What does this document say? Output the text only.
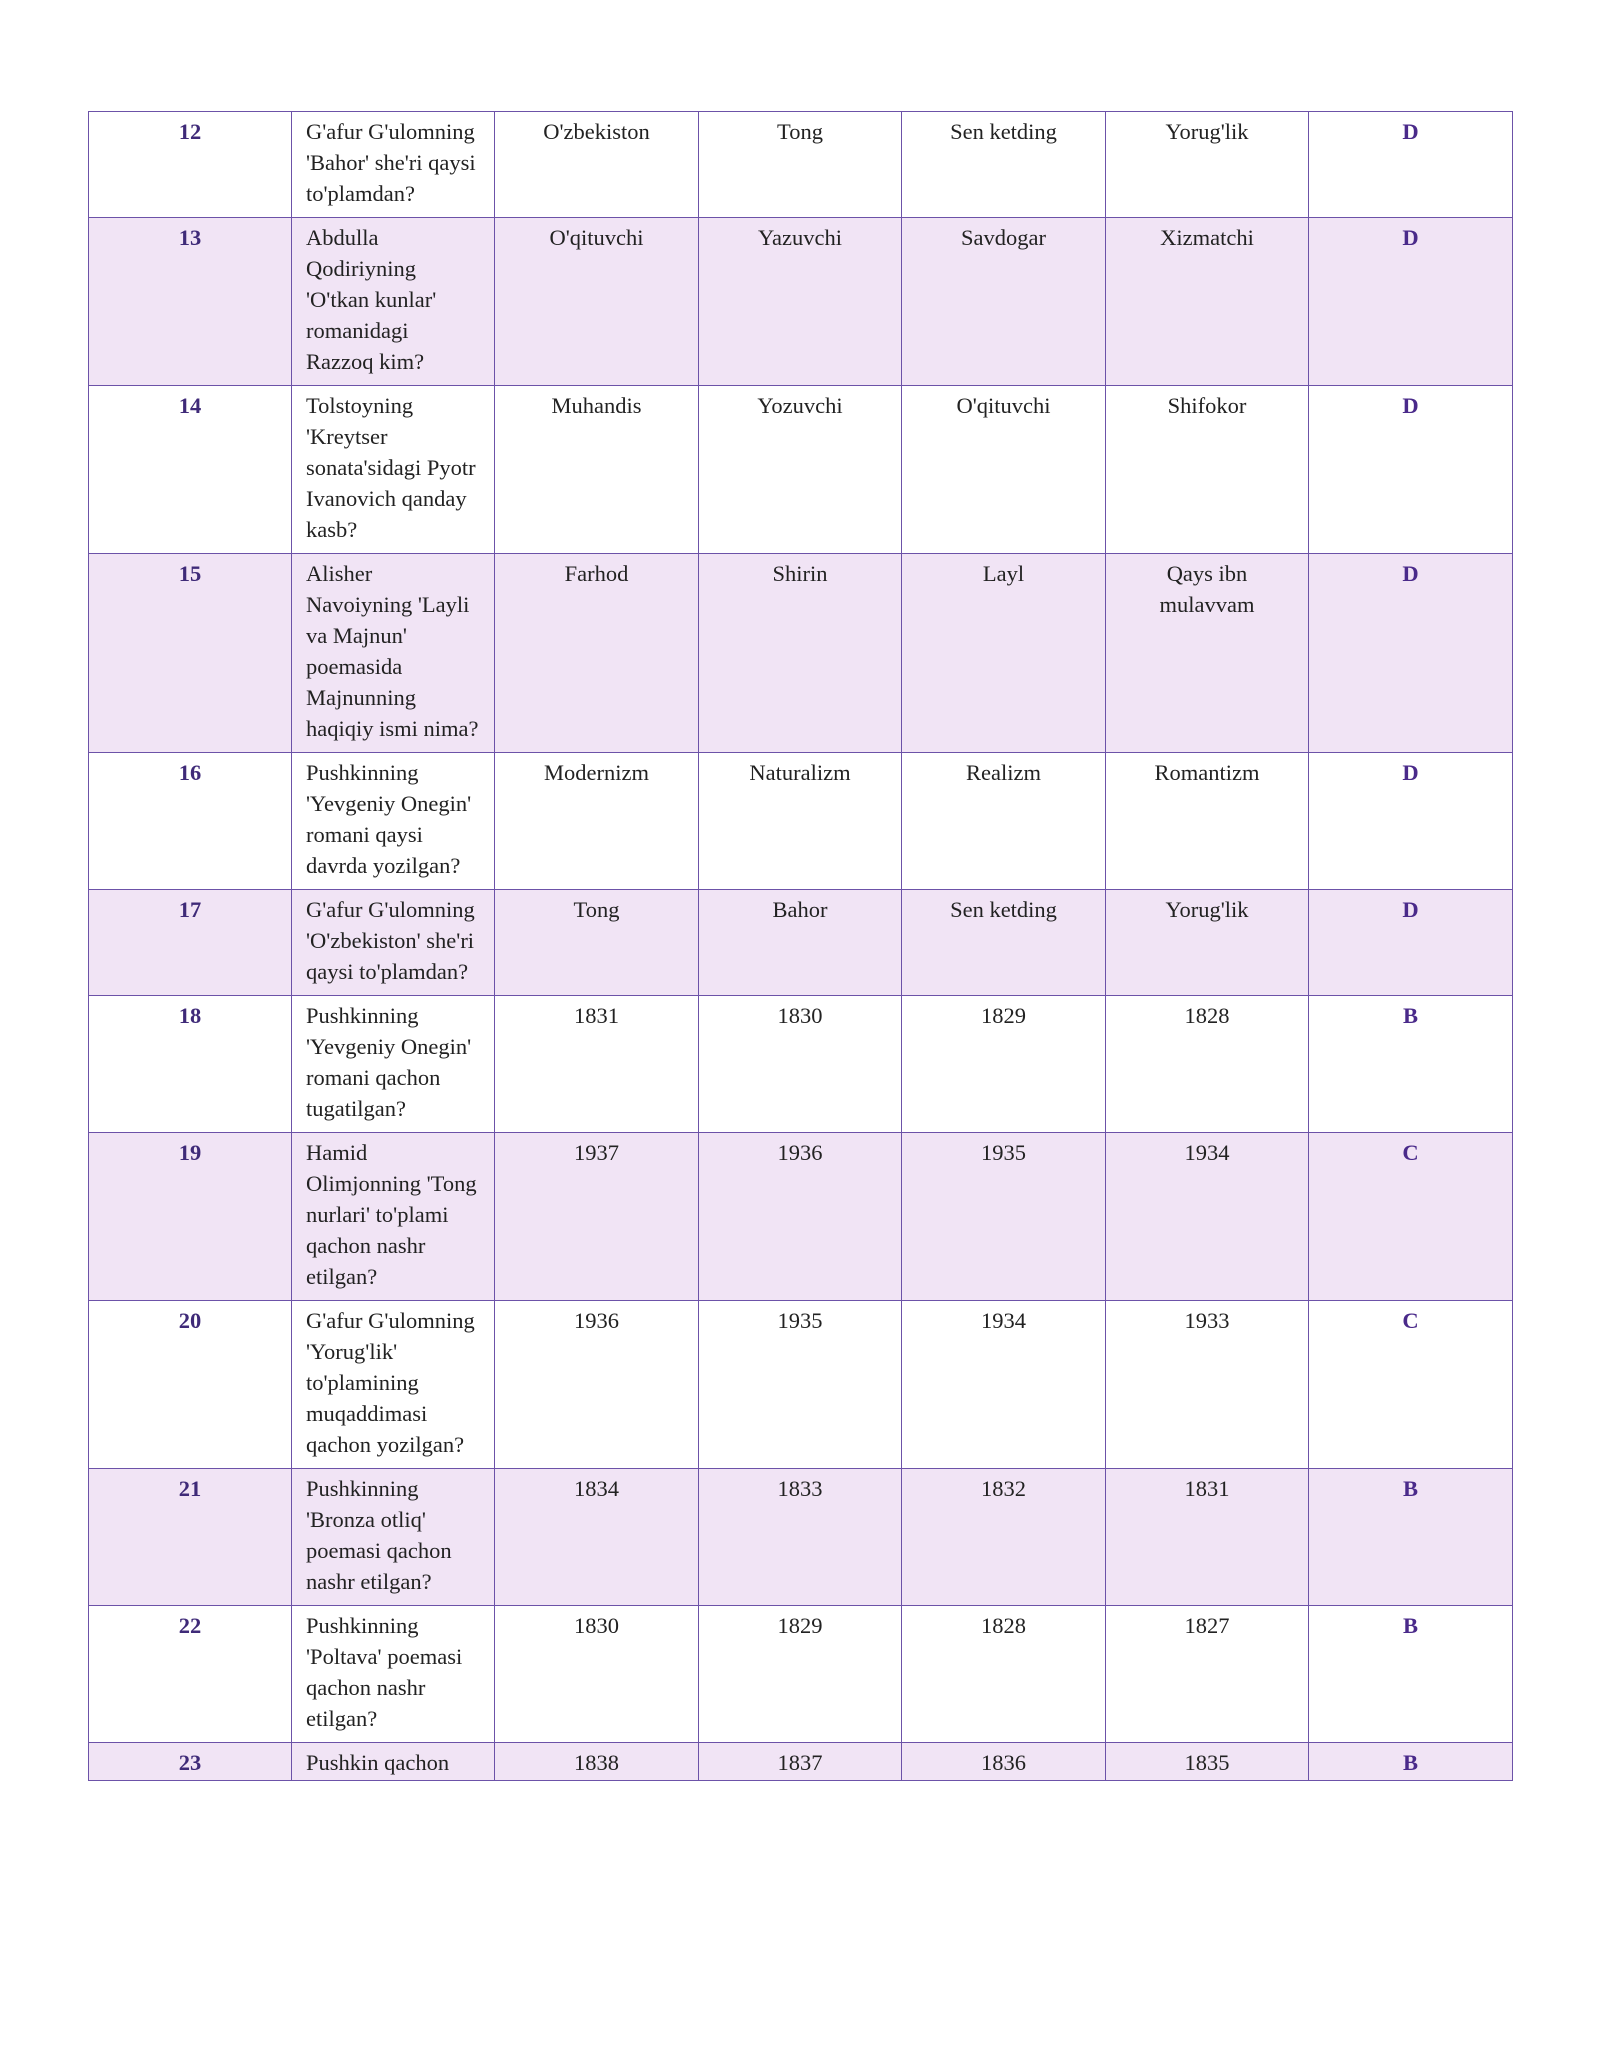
12	G'afur G'ulomning 'Bahor' she'ri qaysi to'plamdan?	O'zbekiston	Tong	Sen ketding	Yorug'lik	D
13	Abdulla Qodiriyning 'O'tkan kunlar' romanidagi Razzoq kim?	O'qituvchi	Yazuvchi	Savdogar	Xizmatchi	D
14	Tolstoyning 'Kreytser sonata'sidagi Pyotr Ivanovich qanday kasb?	Muhandis	Yozuvchi	O'qituvchi	Shifokor	D
15	Alisher Navoiyning 'Layli va Majnun' poemasida Majnunning haqiqiy ismi nima?	Farhod	Shirin	Layl	Qays ibn mulavvam	D
16	Pushkinning 'Yevgeniy Onegin' romani qaysi davrda yozilgan?	Modernizm	Naturalizm	Realizm	Romantizm	D
17	G'afur G'ulomning 'O'zbekiston' she'ri qaysi to'plamdan?	Tong	Bahor	Sen ketding	Yorug'lik	D
18	Pushkinning 'Yevgeniy Onegin' romani qachon tugatilgan?	1831	1830	1829	1828	B
19	Hamid Olimjonning 'Tong nurlari' to'plami qachon nashr etilgan?	1937	1936	1935	1934	C
20	G'afur G'ulomning 'Yorug'lik' to'plamining muqaddimasi qachon yozilgan?	1936	1935	1934	1933	C
21	Pushkinning 'Bronza otliq' poemasi qachon nashr etilgan?	1834	1833	1832	1831	B
22	Pushkinning 'Poltava' poemasi qachon nashr etilgan?	1830	1829	1828	1827	B
23	Pushkin qachon	1838	1837	1836	1835	B
